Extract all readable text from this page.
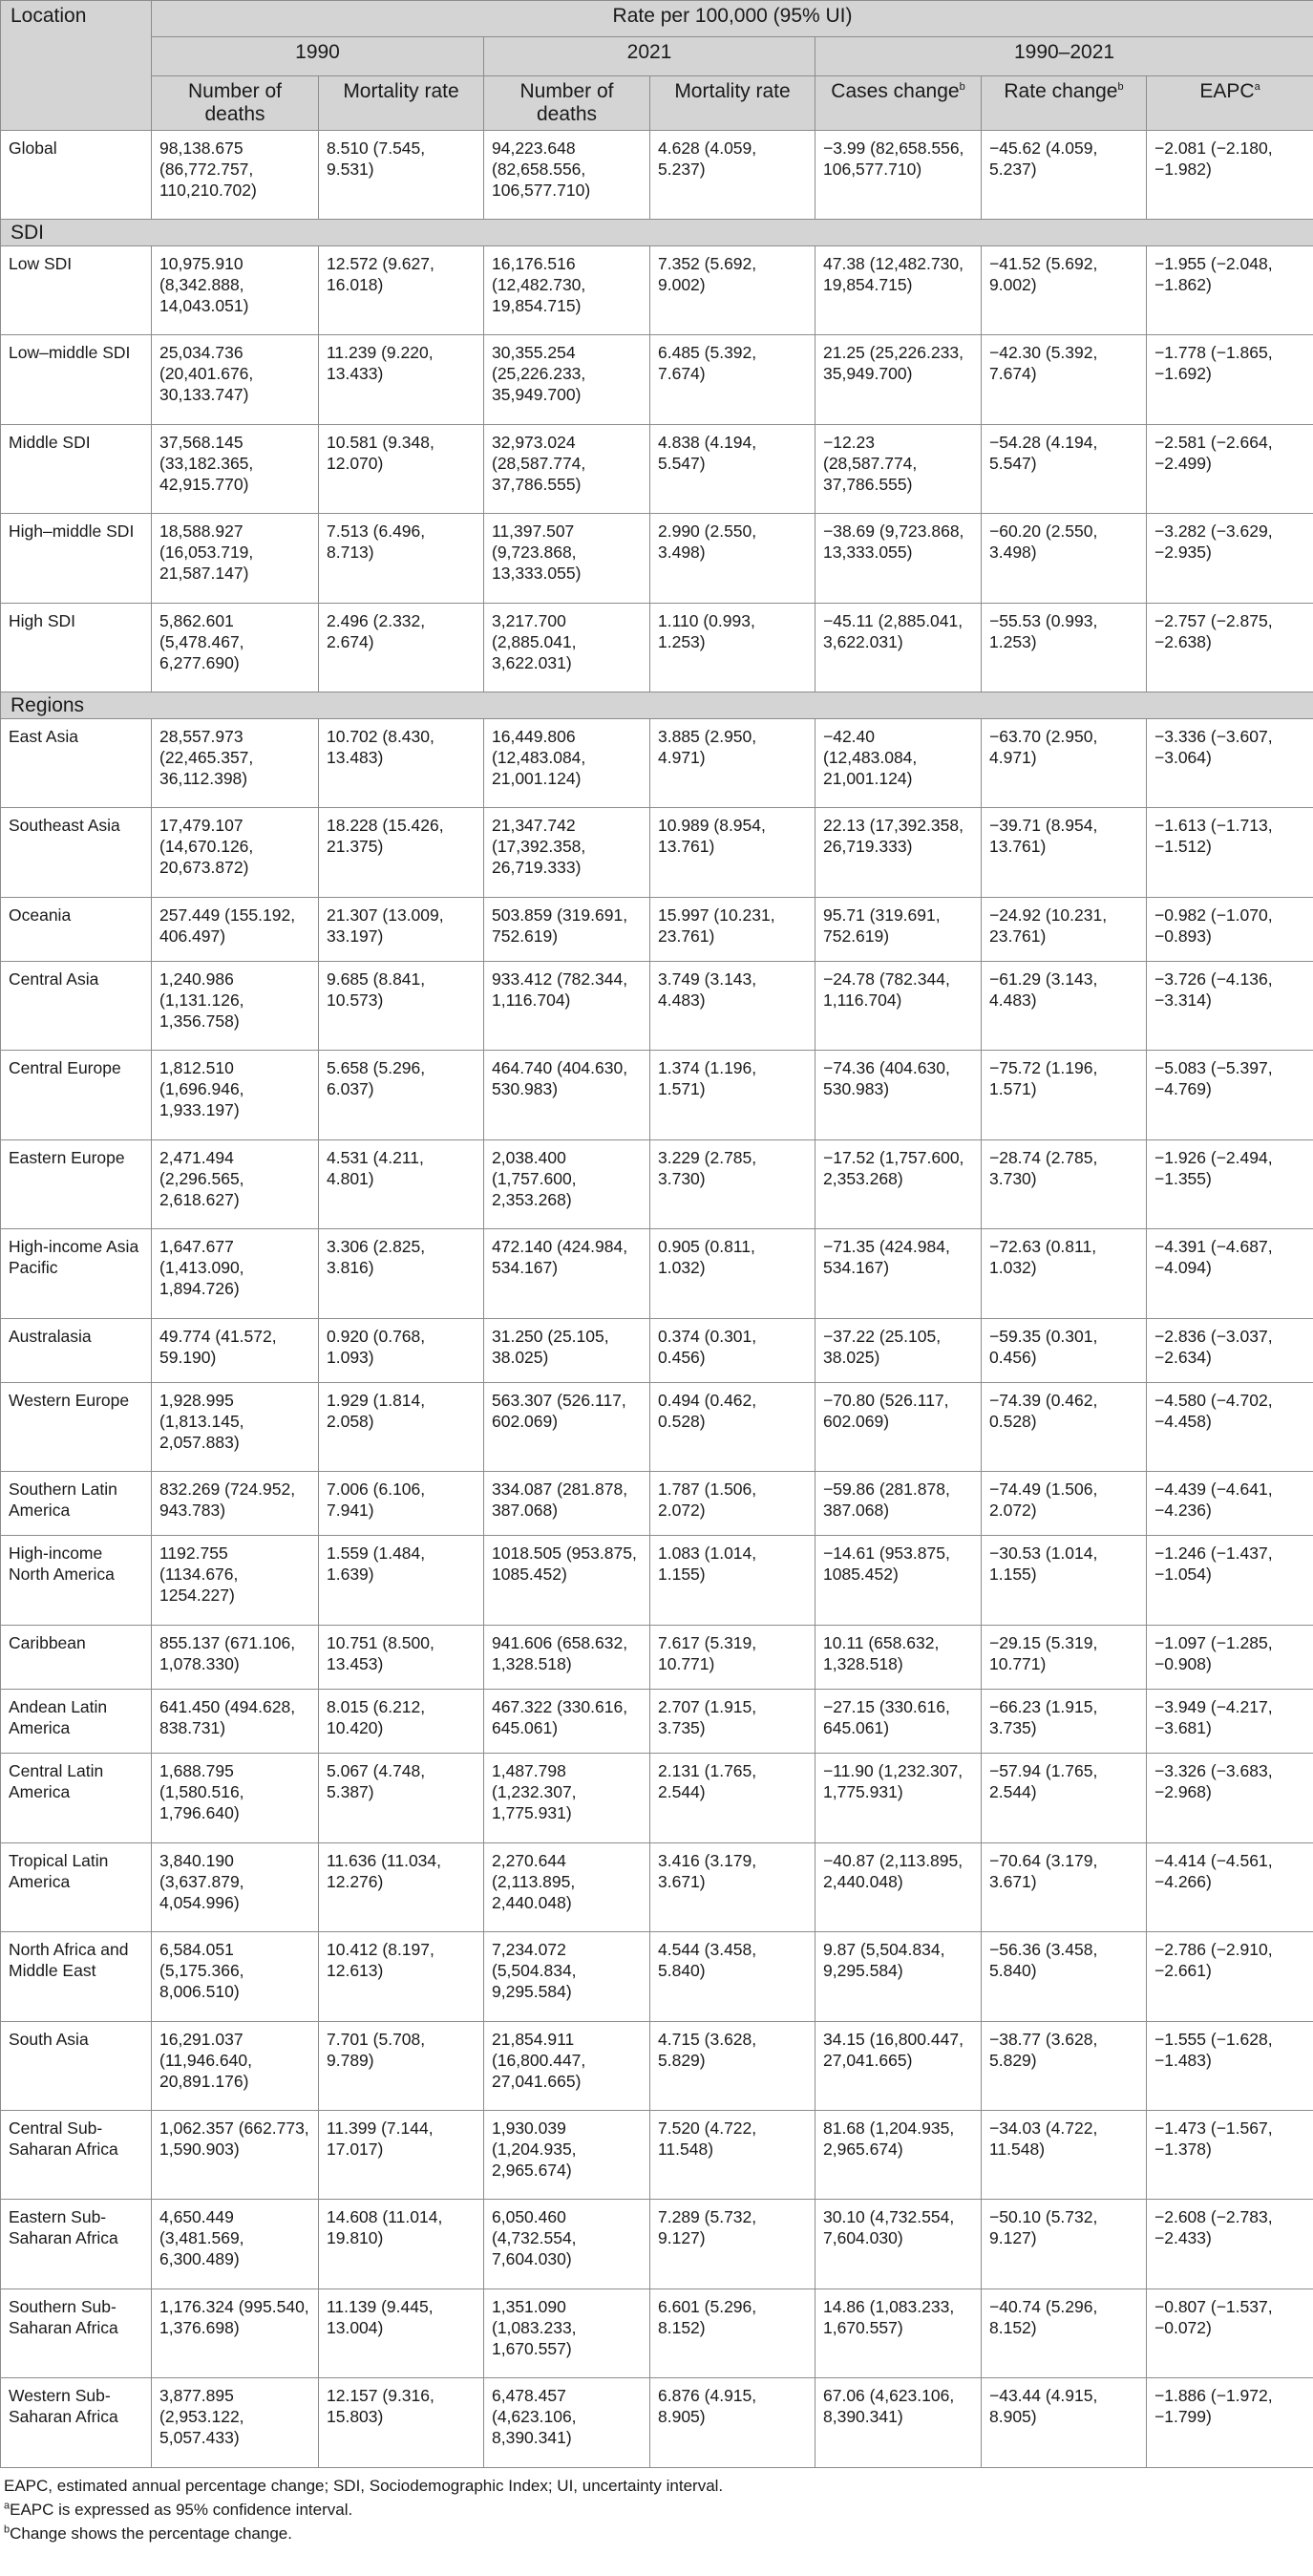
Location	Rate per 100,000 (95% UI)						
	1990		2021		1990–2021		
	Number of deaths	Mortality rate	Number of deaths	Mortality rate	Cases change$^b$	Rate change$^b$	EAPC$^a$
Global	98,138.675 (86,772.757, 110,210.702)	8.510 (7.545, 9.531)	94,223.648 (82,658.556, 106,577.710)	4.628 (4.059, 5.237)	−3.99 (82,658.556, 106,577.710)	−45.62 (4.059, 5.237)	−2.081 (−2.180, −1.982)
SDI							
Low SDI	10,975.910 (8,342.888, 14,043.051)	12.572 (9.627, 16.018)	16,176.516 (12,482.730, 19,854.715)	7.352 (5.692, 9.002)	47.38 (12,482.730, 19,854.715)	−41.52 (5.692, 9.002)	−1.955 (−2.048, −1.862)
Low–middle SDI	25,034.736 (20,401.676, 30,133.747)	11.239 (9.220, 13.433)	30,355.254 (25,226.233, 35,949.700)	6.485 (5.392, 7.674)	21.25 (25,226.233, 35,949.700)	−42.30 (5.392, 7.674)	−1.778 (−1.865, −1.692)
Middle SDI	37,568.145 (33,182.365, 42,915.770)	10.581 (9.348, 12.070)	32,973.024 (28,587.774, 37,786.555)	4.838 (4.194, 5.547)	−12.23 (28,587.774, 37,786.555)	−54.28 (4.194, 5.547)	−2.581 (−2.664, −2.499)
High–middle SDI	18,588.927 (16,053.719, 21,587.147)	7.513 (6.496, 8.713)	11,397.507 (9,723.868, 13,333.055)	2.990 (2.550, 3.498)	−38.69 (9,723.868, 13,333.055)	−60.20 (2.550, 3.498)	−3.282 (−3.629, −2.935)
High SDI	5,862.601 (5,478.467, 6,277.690)	2.496 (2.332, 2.674)	3,217.700 (2,885.041, 3,622.031)	1.110 (0.993, 1.253)	−45.11 (2,885.041, 3,622.031)	−55.53 (0.993, 1.253)	−2.757 (−2.875, −2.638)
Regions							
East Asia	28,557.973 (22,465.357, 36,112.398)	10.702 (8.430, 13.483)	16,449.806 (12,483.084, 21,001.124)	3.885 (2.950, 4.971)	−42.40 (12,483.084, 21,001.124)	−63.70 (2.950, 4.971)	−3.336 (−3.607, −3.064)
Southeast Asia	17,479.107 (14,670.126, 20,673.872)	18.228 (15.426, 21.375)	21,347.742 (17,392.358, 26,719.333)	10.989 (8.954, 13.761)	22.13 (17,392.358, 26,719.333)	−39.71 (8.954, 13.761)	−1.613 (−1.713, −1.512)
Oceania	257.449 (155.192, 406.497)	21.307 (13.009, 33.197)	503.859 (319.691, 752.619)	15.997 (10.231, 23.761)	95.71 (319.691, 752.619)	−24.92 (10.231, 23.761)	−0.982 (−1.070, −0.893)
Central Asia	1,240.986 (1,131.126, 1,356.758)	9.685 (8.841, 10.573)	933.412 (782.344, 1,116.704)	3.749 (3.143, 4.483)	−24.78 (782.344, 1,116.704)	−61.29 (3.143, 4.483)	−3.726 (−4.136, −3.314)
Central Europe	1,812.510 (1,696.946, 1,933.197)	5.658 (5.296, 6.037)	464.740 (404.630, 530.983)	1.374 (1.196, 1.571)	−74.36 (404.630, 530.983)	−75.72 (1.196, 1.571)	−5.083 (−5.397, −4.769)
Eastern Europe	2,471.494 (2,296.565, 2,618.627)	4.531 (4.211, 4.801)	2,038.400 (1,757.600, 2,353.268)	3.229 (2.785, 3.730)	−17.52 (1,757.600, 2,353.268)	−28.74 (2.785, 3.730)	−1.926 (−2.494, −1.355)
High-income Asia Pacific	1,647.677 (1,413.090, 1,894.726)	3.306 (2.825, 3.816)	472.140 (424.984, 534.167)	0.905 (0.811, 1.032)	−71.35 (424.984, 534.167)	−72.63 (0.811, 1.032)	−4.391 (−4.687, −4.094)
Australasia	49.774 (41.572, 59.190)	0.920 (0.768, 1.093)	31.250 (25.105, 38.025)	0.374 (0.301, 0.456)	−37.22 (25.105, 38.025)	−59.35 (0.301, 0.456)	−2.836 (−3.037, −2.634)
Western Europe	1,928.995 (1,813.145, 2,057.883)	1.929 (1.814, 2.058)	563.307 (526.117, 602.069)	0.494 (0.462, 0.528)	−70.80 (526.117, 602.069)	−74.39 (0.462, 0.528)	−4.580 (−4.702, −4.458)
Southern Latin America	832.269 (724.952, 943.783)	7.006 (6.106, 7.941)	334.087 (281.878, 387.068)	1.787 (1.506, 2.072)	−59.86 (281.878, 387.068)	−74.49 (1.506, 2.072)	−4.439 (−4.641, −4.236)
High-income North America	1192.755 (1134.676, 1254.227)	1.559 (1.484, 1.639)	1018.505 (953.875, 1085.452)	1.083 (1.014, 1.155)	−14.61 (953.875, 1085.452)	−30.53 (1.014, 1.155)	−1.246 (−1.437, −1.054)
Caribbean	855.137 (671.106, 1,078.330)	10.751 (8.500, 13.453)	941.606 (658.632, 1,328.518)	7.617 (5.319, 10.771)	10.11 (658.632, 1,328.518)	−29.15 (5.319, 10.771)	−1.097 (−1.285, −0.908)
Andean Latin America	641.450 (494.628, 838.731)	8.015 (6.212, 10.420)	467.322 (330.616, 645.061)	2.707 (1.915, 3.735)	−27.15 (330.616, 645.061)	−66.23 (1.915, 3.735)	−3.949 (−4.217, −3.681)
Central Latin America	1,688.795 (1,580.516, 1,796.640)	5.067 (4.748, 5.387)	1,487.798 (1,232.307, 1,775.931)	2.131 (1.765, 2.544)	−11.90 (1,232.307, 1,775.931)	−57.94 (1.765, 2.544)	−3.326 (−3.683, −2.968)
Tropical Latin America	3,840.190 (3,637.879, 4,054.996)	11.636 (11.034, 12.276)	2,270.644 (2,113.895, 2,440.048)	3.416 (3.179, 3.671)	−40.87 (2,113.895, 2,440.048)	−70.64 (3.179, 3.671)	−4.414 (−4.561, −4.266)
North Africa and Middle East	6,584.051 (5,175.366, 8,006.510)	10.412 (8.197, 12.613)	7,234.072 (5,504.834, 9,295.584)	4.544 (3.458, 5.840)	9.87 (5,504.834, 9,295.584)	−56.36 (3.458, 5.840)	−2.786 (−2.910, −2.661)
South Asia	16,291.037 (11,946.640, 20,891.176)	7.701 (5.708, 9.789)	21,854.911 (16,800.447, 27,041.665)	4.715 (3.628, 5.829)	34.15 (16,800.447, 27,041.665)	−38.77 (3.628, 5.829)	−1.555 (−1.628, −1.483)
Central Sub-Saharan Africa	1,062.357 (662.773, 1,590.903)	11.399 (7.144, 17.017)	1,930.039 (1,204.935, 2,965.674)	7.520 (4.722, 11.548)	81.68 (1,204.935, 2,965.674)	−34.03 (4.722, 11.548)	−1.473 (−1.567, −1.378)
Eastern Sub-Saharan Africa	4,650.449 (3,481.569, 6,300.489)	14.608 (11.014, 19.810)	6,050.460 (4,732.554, 7,604.030)	7.289 (5.732, 9.127)	30.10 (4,732.554, 7,604.030)	−50.10 (5.732, 9.127)	−2.608 (−2.783, −2.433)
Southern Sub-Saharan Africa	1,176.324 (995.540, 1,376.698)	11.139 (9.445, 13.004)	1,351.090 (1,083.233, 1,670.557)	6.601 (5.296, 8.152)	14.86 (1,083.233, 1,670.557)	−40.74 (5.296, 8.152)	−0.807 (−1.537, −0.072)
Western Sub-Saharan Africa	3,877.895 (2,953.122, 5,057.433)	12.157 (9.316, 15.803)	6,478.457 (4,623.106, 8,390.341)	6.876 (4.915, 8.905)	67.06 (4,623.106, 8,390.341)	−43.44 (4.915, 8.905)	−1.886 (−1.972, −1.799)
EAPC, estimated annual percentage change; SDI, Sociodemographic Index; UI, uncertainty interval.
$^a$EAPC is expressed as 95% confidence interval.
$^b$Change shows the percentage change.
